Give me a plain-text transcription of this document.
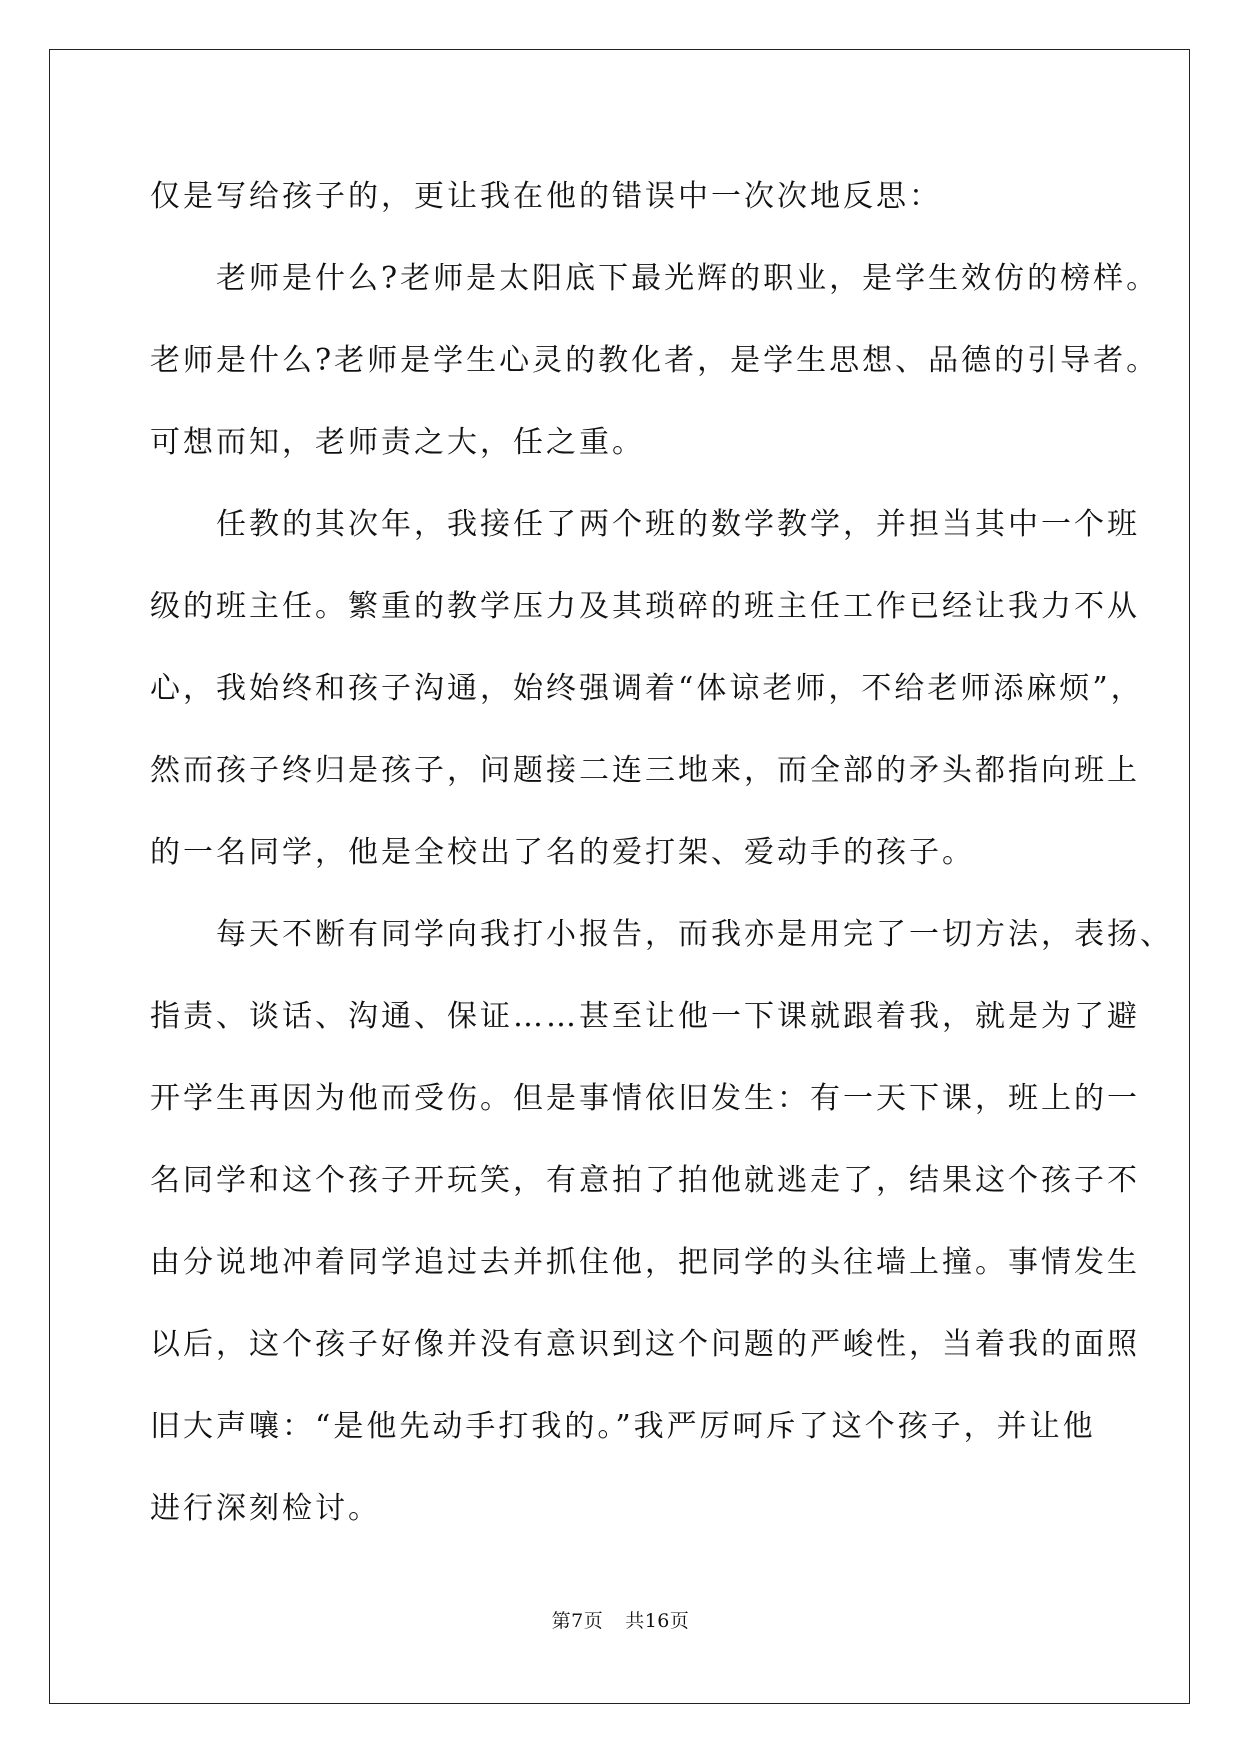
仅是写给孩子的，更让我在他的错误中一次次地反思：
老师是什么?老师是太阳底下最光辉的职业，是学生效仿的榜样。
老师是什么?老师是学生心灵的教化者，是学生思想、品德的引导者。
可想而知，老师责之大，任之重。
任教的其次年，我接任了两个班的数学教学，并担当其中一个班
级的班主任。繁重的教学压力及其琐碎的班主任工作已经让我力不从
心，我始终和孩子沟通，始终强调着“体谅老师，不给老师添麻烦”，
然而孩子终归是孩子，问题接二连三地来，而全部的矛头都指向班上
的一名同学，他是全校出了名的爱打架、爱动手的孩子。
每天不断有同学向我打小报告，而我亦是用完了一切方法，表扬、
指责、谈话、沟通、保证……甚至让他一下课就跟着我，就是为了避
开学生再因为他而受伤。但是事情依旧发生：有一天下课，班上的一
名同学和这个孩子开玩笑，有意拍了拍他就逃走了，结果这个孩子不
由分说地冲着同学追过去并抓住他，把同学的头往墙上撞。事情发生
以后，这个孩子好像并没有意识到这个问题的严峻性，当着我的面照
旧大声嚷：“是他先动手打我的。”我严厉呵斥了这个孩子，并让他
进行深刻检讨。
第7页 共16页
